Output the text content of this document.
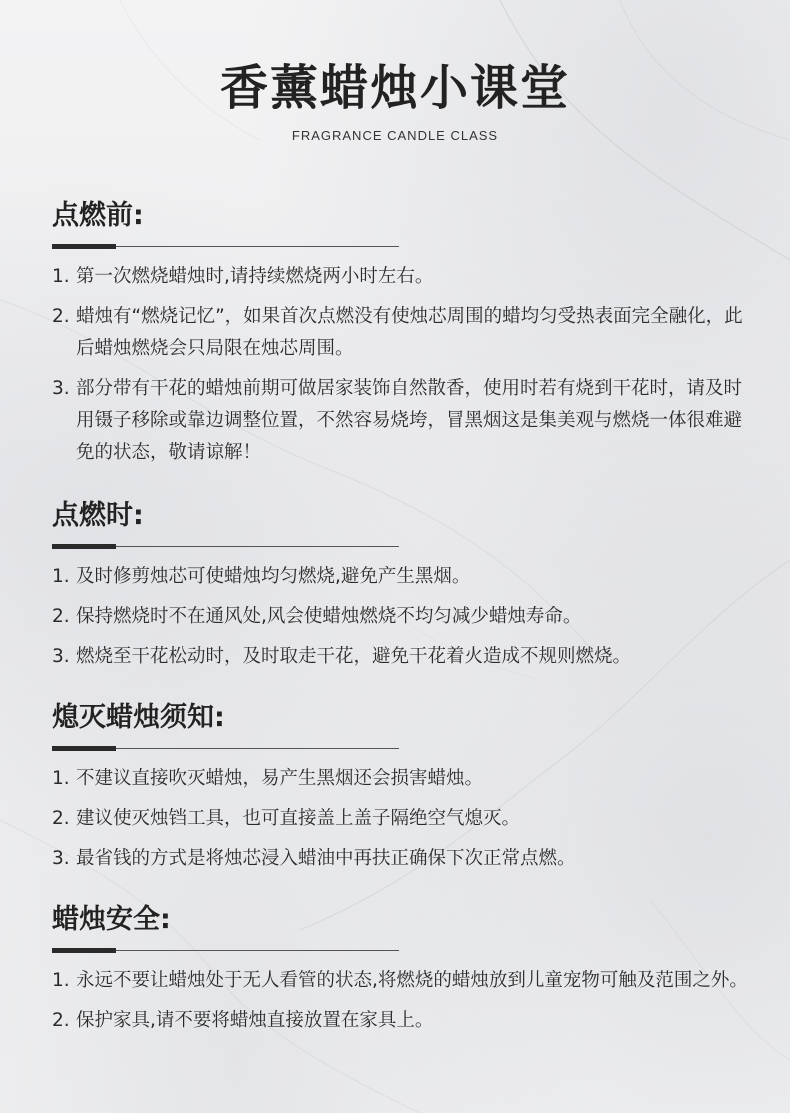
香薰蜡烛小课堂
FRAGRANCE CANDLE CLASS
点燃前:
1. 第一次燃烧蜡烛时,请持续燃烧两小时左右。
2. 蜡烛有“燃烧记忆”，如果首次点燃没有使烛芯周围的蜡均匀受热表面完全融化，此后蜡烛燃烧会只局限在烛芯周围。
3. 部分带有干花的蜡烛前期可做居家装饰自然散香，使用时若有烧到干花时，请及时用镊子移除或靠边调整位置，不然容易烧垮，冒黑烟这是集美观与燃烧一体很难避免的状态，敬请谅解！
点燃时:
1. 及时修剪烛芯可使蜡烛均匀燃烧,避免产生黑烟。
2. 保持燃烧时不在通风处,风会使蜡烛燃烧不均匀减少蜡烛寿命。
3. 燃烧至干花松动时，及时取走干花，避免干花着火造成不规则燃烧。
熄灭蜡烛须知:
1. 不建议直接吹灭蜡烛，易产生黑烟还会损害蜡烛。
2. 建议使灭烛铛工具，也可直接盖上盖子隔绝空气熄灭。
3. 最省钱的方式是将烛芯浸入蜡油中再扶正确保下次正常点燃。
蜡烛安全:
1. 永远不要让蜡烛处于无人看管的状态,将燃烧的蜡烛放到儿童宠物可触及范围之外。
2. 保护家具,请不要将蜡烛直接放置在家具上。
